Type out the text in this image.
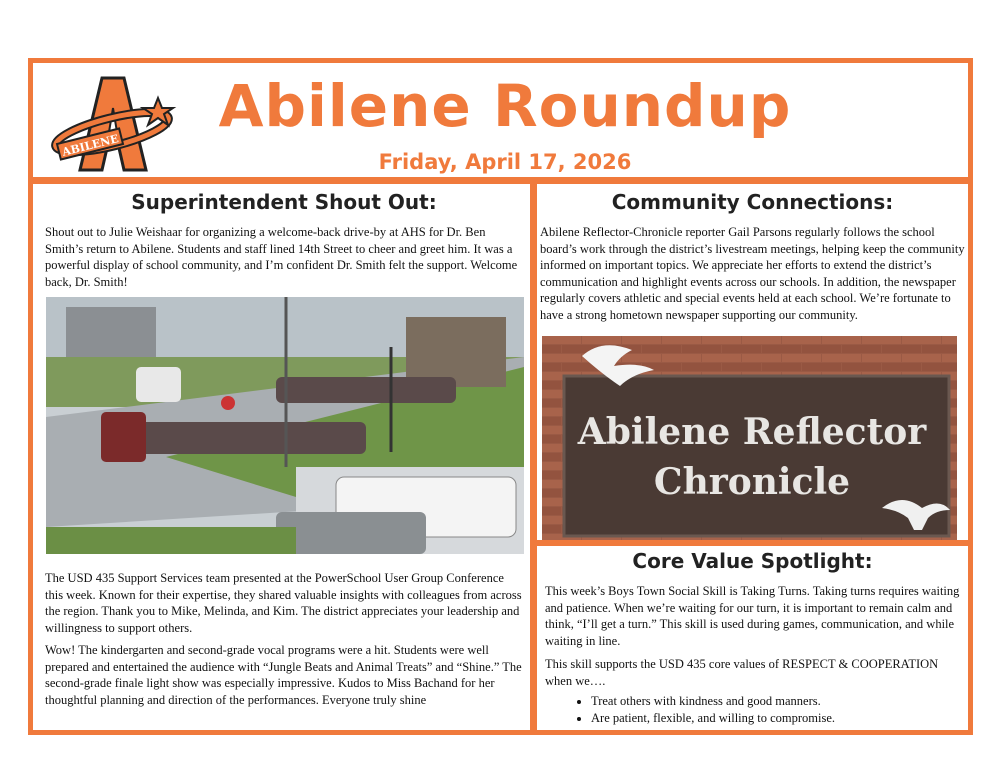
ABILENE
Abilene Roundup
Friday, April 17, 2026
Superintendent Shout Out:
Shout out to Julie Weishaar for organizing a welcome-back drive-by at AHS for Dr. Ben Smith’s return to Abilene. Students and staff lined 14th Street to cheer and greet him. It was a powerful display of school community, and I’m confident Dr. Smith felt the support. Welcome back, Dr. Smith!
The USD 435 Support Services team presented at the PowerSchool User Group Conference this week. Known for their expertise, they shared valuable insights with colleagues from across the region. Thank you to Mike, Melinda, and Kim. The district appreciates your leadership and willingness to support others.
Wow! The kindergarten and second-grade vocal programs were a hit. Students were well prepared and entertained the audience with “Jungle Beats and Animal Treats” and “Shine.” The second-grade finale light show was especially impressive. Kudos to Miss Bachand for her thoughtful planning and direction of the performances. Everyone truly shine
Community Connections:
Abilene Reflector-Chronicle reporter Gail Parsons regularly follows the school board’s work through the district’s livestream meetings, helping keep the community informed on important topics. We appreciate her efforts to extend the district’s communication and highlight events across our schools. In addition, the newspaper regularly covers athletic and special events held at each school. We’re fortunate to have a strong hometown newspaper supporting our community.
Abilene Reflector
Chronicle
Core Value Spotlight:
This week’s Boys Town Social Skill is Taking Turns. Taking turns requires waiting and patience. When we’re waiting for our turn, it is important to remain calm and think, “I’ll get a turn.” This skill is used during games, communication, and while waiting in line.
This skill supports the USD 435 core values of RESPECT & COOPERATION when we….
• Treat others with kindness and good manners.
• Are patient, flexible, and willing to compromise.
